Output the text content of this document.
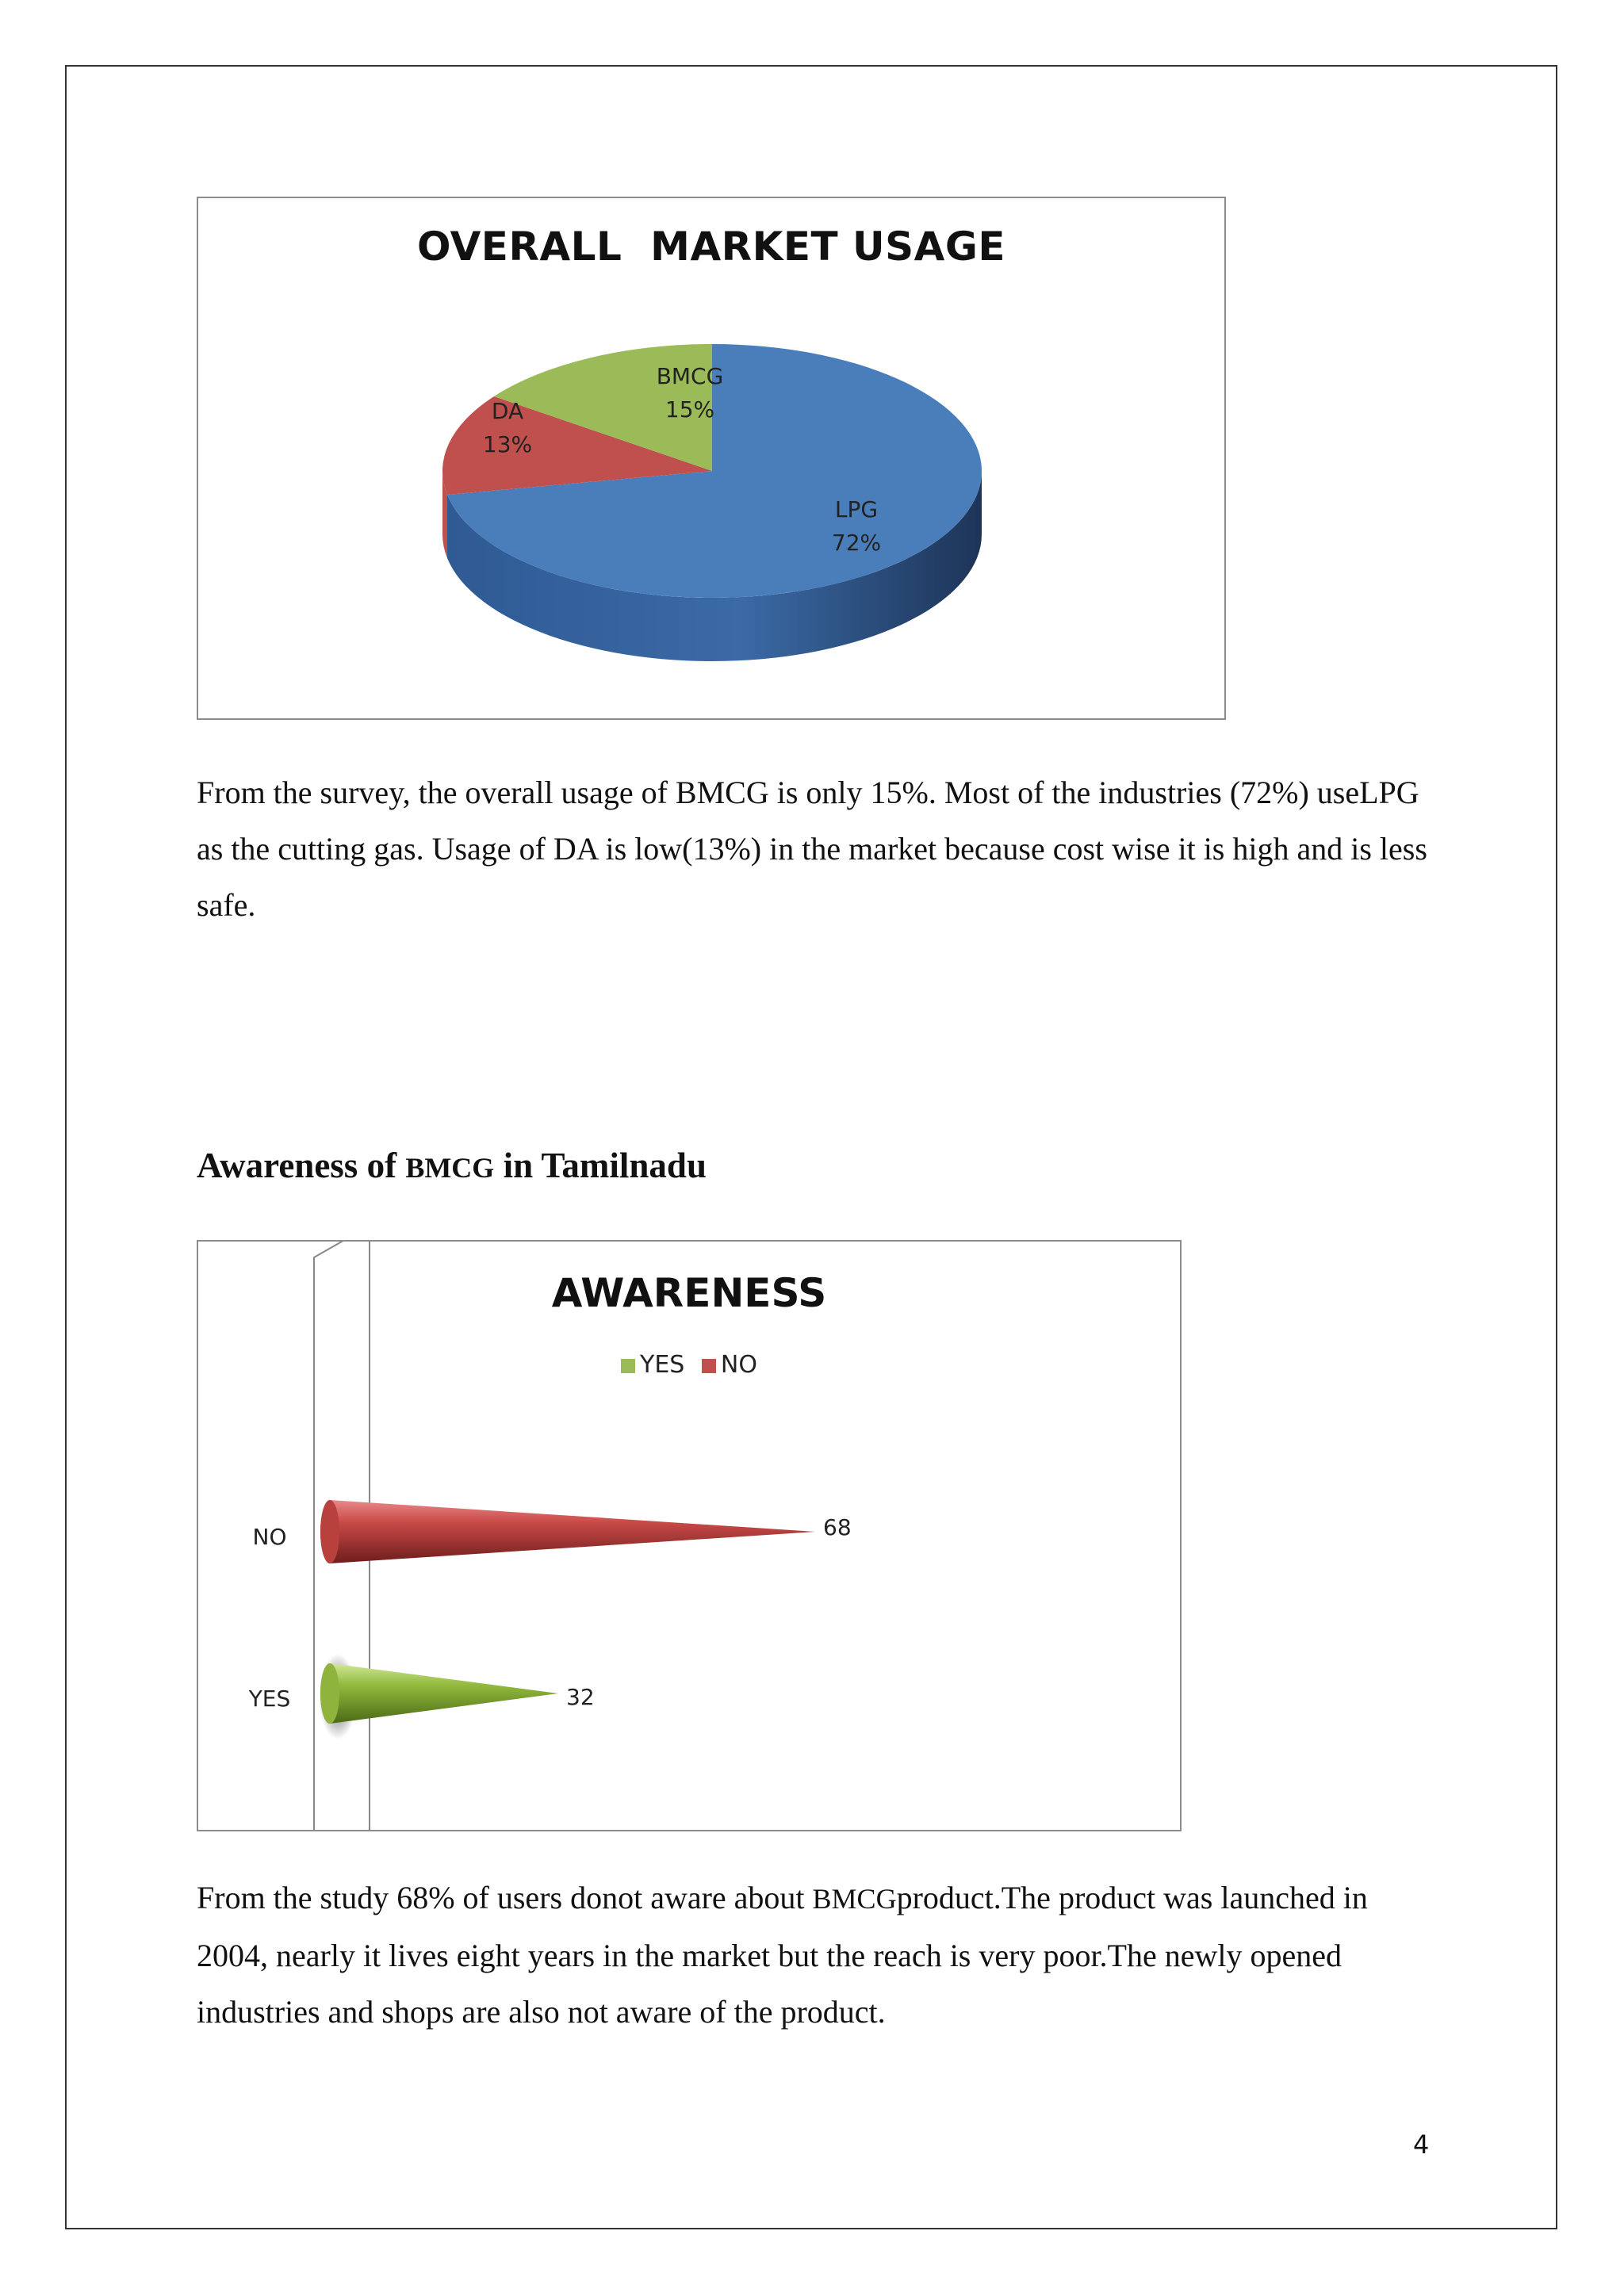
OVERALL  MARKET USAGE
BMCG
15%
DA
13%
LPG
72%
From the survey, the overall usage of BMCG is only 15%. Most of the industries (72%) useLPG as the cutting gas. Usage of DA is low(13%) in the market because cost wise it is high and is less safe.
Awareness of BMCG in Tamilnadu
AWARENESS
YES NO
68
NO
32
YES
From the study 68% of users donot aware about BMCGproduct.The product was launched in 2004, nearly it lives eight years in the market but the reach is very poor.The newly opened industries and shops are also not aware of the product.
4
